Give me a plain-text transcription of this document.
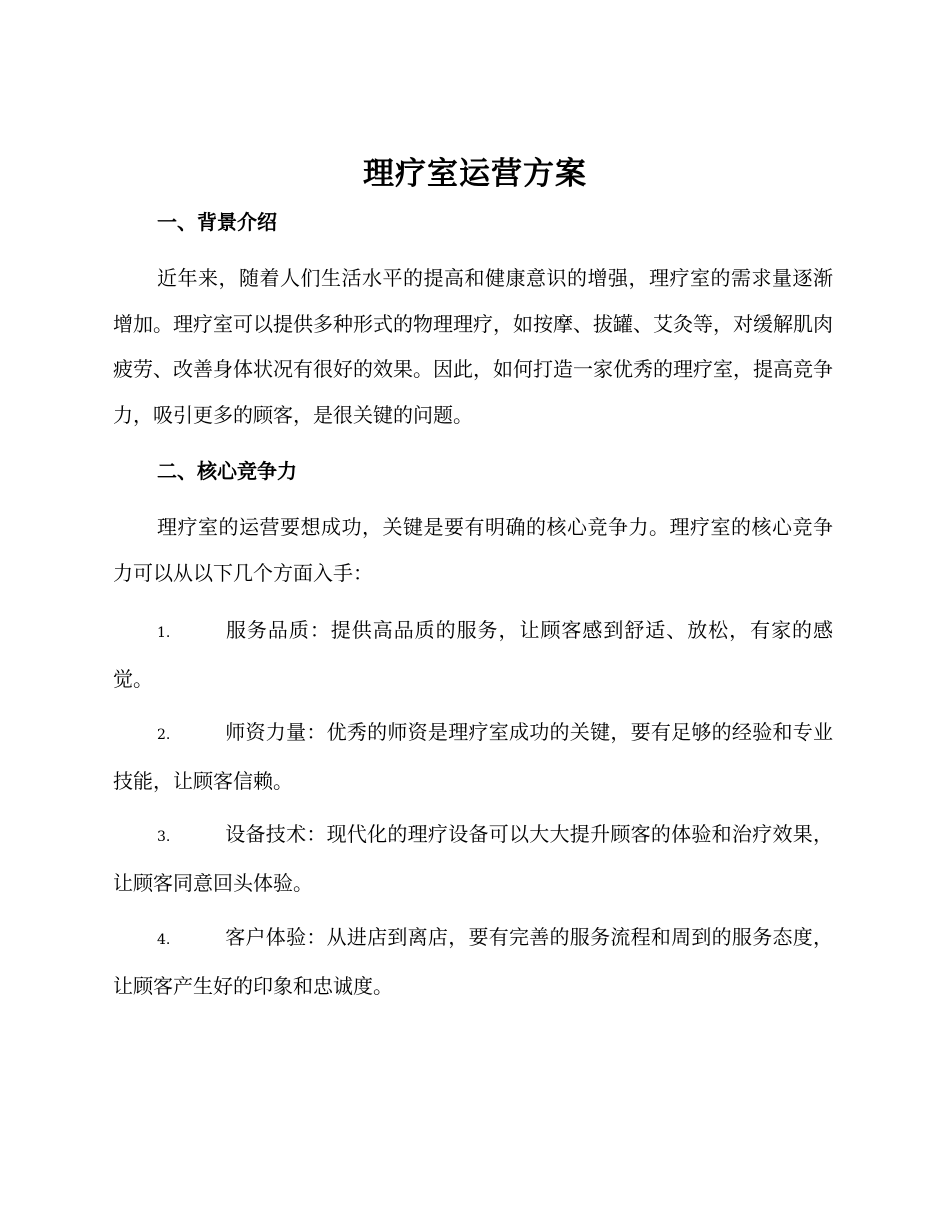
理疗室运营方案
一、背景介绍

近年来，随着人们生活水平的提高和健康意识的增强，理疗室的需求量逐渐增加。理疗室可以提供多种形式的物理理疗，如按摩、拔罐、艾灸等，对缓解肌肉疲劳、改善身体状况有很好的效果。因此，如何打造一家优秀的理疗室，提高竞争力，吸引更多的顾客，是很关键的问题。

二、核心竞争力

理疗室的运营要想成功，关键是要有明确的核心竞争力。理疗室的核心竞争力可以从以下几个方面入手：

1.	服务品质：提供高品质的服务，让顾客感到舒适、放松，有家的感觉。

2.	师资力量：优秀的师资是理疗室成功的关键，要有足够的经验和专业技能，让顾客信赖。

3.	设备技术：现代化的理疗设备可以大大提升顾客的体验和治疗效果，让顾客同意回头体验。

4.	客户体验：从进店到离店，要有完善的服务流程和周到的服务态度，让顾客产生好的印象和忠诚度。
